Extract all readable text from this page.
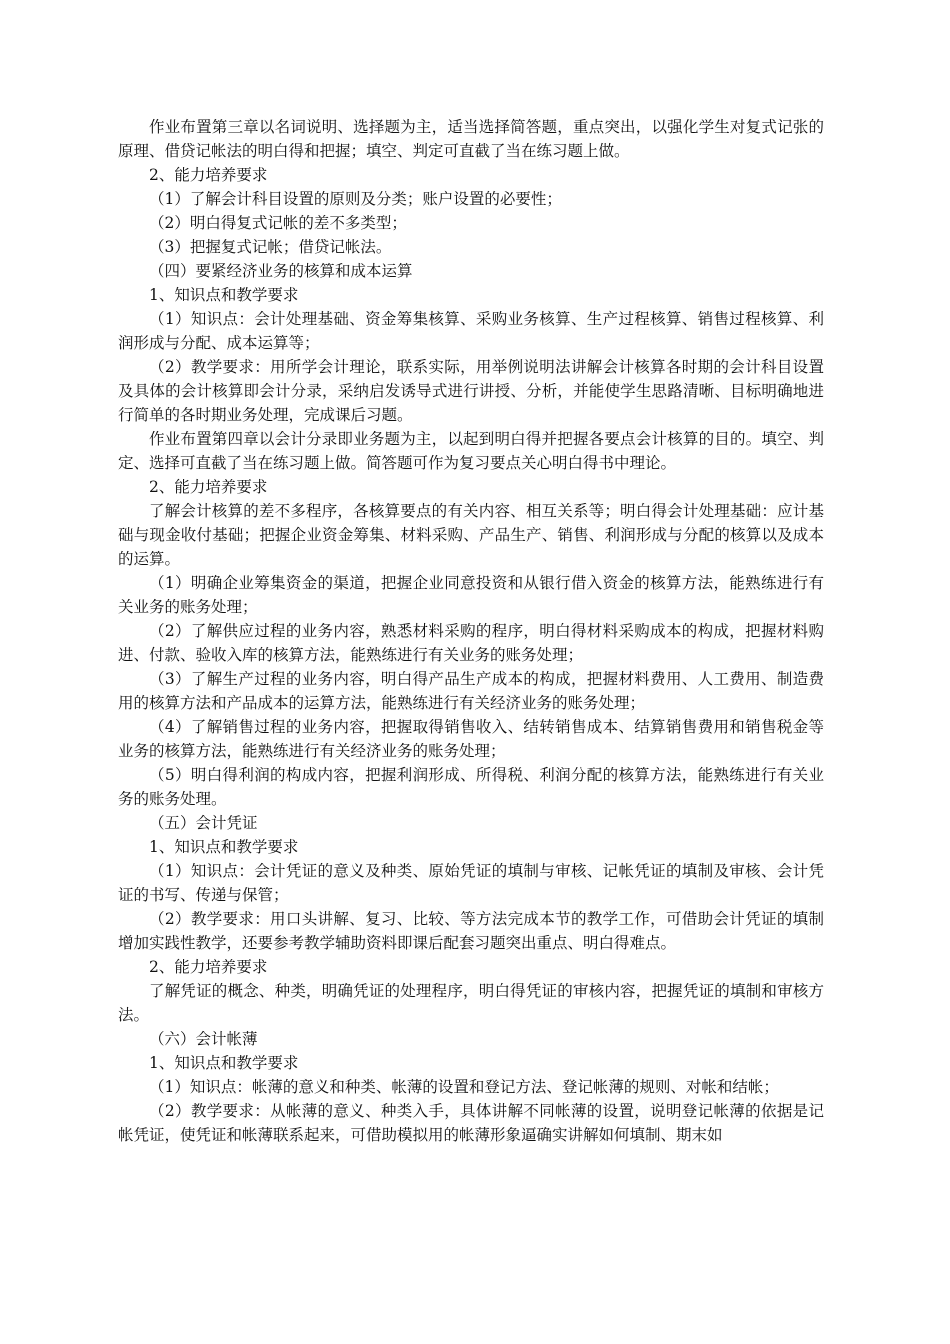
作业布置第三章以名词说明、选择题为主，适当选择简答题，重点突出，以强化学生对复式记张的原理、借贷记帐法的明白得和把握；填空、判定可直截了当在练习题上做。

2、能力培养要求

（1）了解会计科目设置的原则及分类；账户设置的必要性；

（2）明白得复式记帐的差不多类型；

（3）把握复式记帐；借贷记帐法。

（四）要紧经济业务的核算和成本运算

1、知识点和教学要求

（1）知识点：会计处理基础、资金筹集核算、采购业务核算、生产过程核算、销售过程核算、利润形成与分配、成本运算等；

（2）教学要求：用所学会计理论，联系实际，用举例说明法讲解会计核算各时期的会计科目设置及具体的会计核算即会计分录，采纳启发诱导式进行讲授、分析，并能使学生思路清晰、目标明确地进行简单的各时期业务处理，完成课后习题。

作业布置第四章以会计分录即业务题为主，以起到明白得并把握各要点会计核算的目的。填空、判定、选择可直截了当在练习题上做。简答题可作为复习要点关心明白得书中理论。

2、能力培养要求

了解会计核算的差不多程序，各核算要点的有关内容、相互关系等；明白得会计处理基础：应计基础与现金收付基础；把握企业资金筹集、材料采购、产品生产、销售、利润形成与分配的核算以及成本的运算。

（1）明确企业筹集资金的渠道，把握企业同意投资和从银行借入资金的核算方法，能熟练进行有关业务的账务处理；

（2）了解供应过程的业务内容，熟悉材料采购的程序，明白得材料采购成本的构成，把握材料购进、付款、验收入库的核算方法，能熟练进行有关业务的账务处理；

（3）了解生产过程的业务内容，明白得产品生产成本的构成，把握材料费用、人工费用、制造费用的核算方法和产品成本的运算方法，能熟练进行有关经济业务的账务处理；

（4）了解销售过程的业务内容，把握取得销售收入、结转销售成本、结算销售费用和销售税金等业务的核算方法，能熟练进行有关经济业务的账务处理；

（5）明白得利润的构成内容，把握利润形成、所得税、利润分配的核算方法，能熟练进行有关业务的账务处理。

（五）会计凭证

1、知识点和教学要求

（1）知识点：会计凭证的意义及种类、原始凭证的填制与审核、记帐凭证的填制及审核、会计凭证的书写、传递与保管；

（2）教学要求：用口头讲解、复习、比较、等方法完成本节的教学工作，可借助会计凭证的填制增加实践性教学，还要参考教学辅助资料即课后配套习题突出重点、明白得难点。

2、能力培养要求

了解凭证的概念、种类，明确凭证的处理程序，明白得凭证的审核内容，把握凭证的填制和审核方法。

（六）会计帐薄

1、知识点和教学要求

（1）知识点：帐薄的意义和种类、帐薄的设置和登记方法、登记帐薄的规则、对帐和结帐；

（2）教学要求：从帐薄的意义、种类入手，具体讲解不同帐薄的设置，说明登记帐薄的依据是记帐凭证，使凭证和帐薄联系起来，可借助模拟用的帐薄形象逼确实讲解如何填制、期末如
